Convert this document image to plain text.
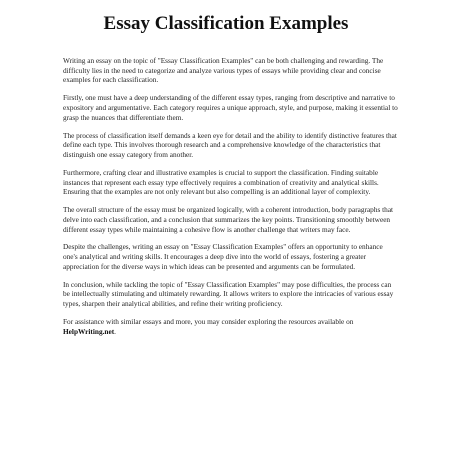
Essay Classification Examples

Writing an essay on the topic of "Essay Classification Examples" can be both challenging and rewarding. The difficulty lies in the need to categorize and analyze various types of essays while providing clear and concise examples for each classification.

Firstly, one must have a deep understanding of the different essay types, ranging from descriptive and narrative to expository and argumentative. Each category requires a unique approach, style, and purpose, making it essential to grasp the nuances that differentiate them.

The process of classification itself demands a keen eye for detail and the ability to identify distinctive features that define each type. This involves thorough research and a comprehensive knowledge of the characteristics that distinguish one essay category from another.

Furthermore, crafting clear and illustrative examples is crucial to support the classification. Finding suitable instances that represent each essay type effectively requires a combination of creativity and analytical skills. Ensuring that the examples are not only relevant but also compelling is an additional layer of complexity.

The overall structure of the essay must be organized logically, with a coherent introduction, body paragraphs that delve into each classification, and a conclusion that summarizes the key points. Transitioning smoothly between different essay types while maintaining a cohesive flow is another challenge that writers may face.

Despite the challenges, writing an essay on "Essay Classification Examples" offers an opportunity to enhance one's analytical and writing skills. It encourages a deep dive into the world of essays, fostering a greater appreciation for the diverse ways in which ideas can be presented and arguments can be formulated.

In conclusion, while tackling the topic of "Essay Classification Examples" may pose difficulties, the process can be intellectually stimulating and ultimately rewarding. It allows writers to explore the intricacies of various essay types, sharpen their analytical abilities, and refine their writing proficiency.

For assistance with similar essays and more, you may consider exploring the resources available on HelpWriting.net.
